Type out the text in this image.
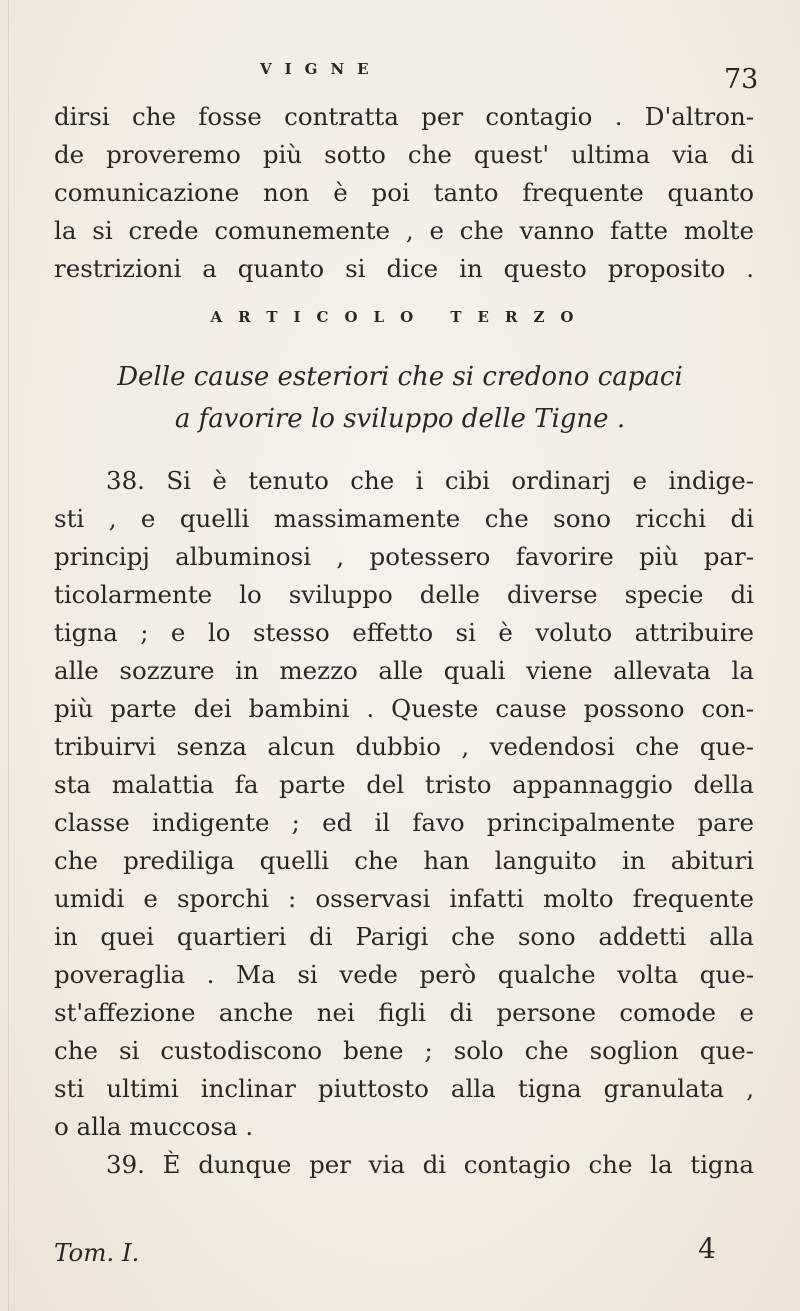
VIGNE	73
dirsi che fosse contratta per contagio . D'altron-
de proveremo più sotto che quest' ultima via di
comunicazione non è poi tanto frequente quanto
la si crede comunemente , e che vanno fatte molte
restrizioni a quanto si dice in questo proposito .
ARTICOLO TERZO
Delle cause esteriori che si credono capaci
a favorire lo sviluppo delle Tigne .
38. Si è tenuto che i cibi ordinarj e indige-
sti , e quelli massimamente che sono ricchi di
principj albuminosi , potessero favorire più par-
ticolarmente lo sviluppo delle diverse specie di
tigna ; e lo stesso effetto si è voluto attribuire
alle sozzure in mezzo alle quali viene allevata la
più parte dei bambini . Queste cause possono con-
tribuirvi senza alcun dubbio , vedendosi che que-
sta malattia fa parte del tristo appannaggio della
classe indigente ; ed il favo principalmente pare
che prediliga quelli che han languito in abituri
umidi e sporchi : osservasi infatti molto frequente
in quei quartieri di Parigi che sono addetti alla
poveraglia . Ma si vede però qualche volta que-
st'affezione anche nei figli di persone comode e
che si custodiscono bene ; solo che soglion que-
sti ultimi inclinar piuttosto alla tigna granulata ,
o alla muccosa .
39. È dunque per via di contagio che la tigna
Tom. I.	4
